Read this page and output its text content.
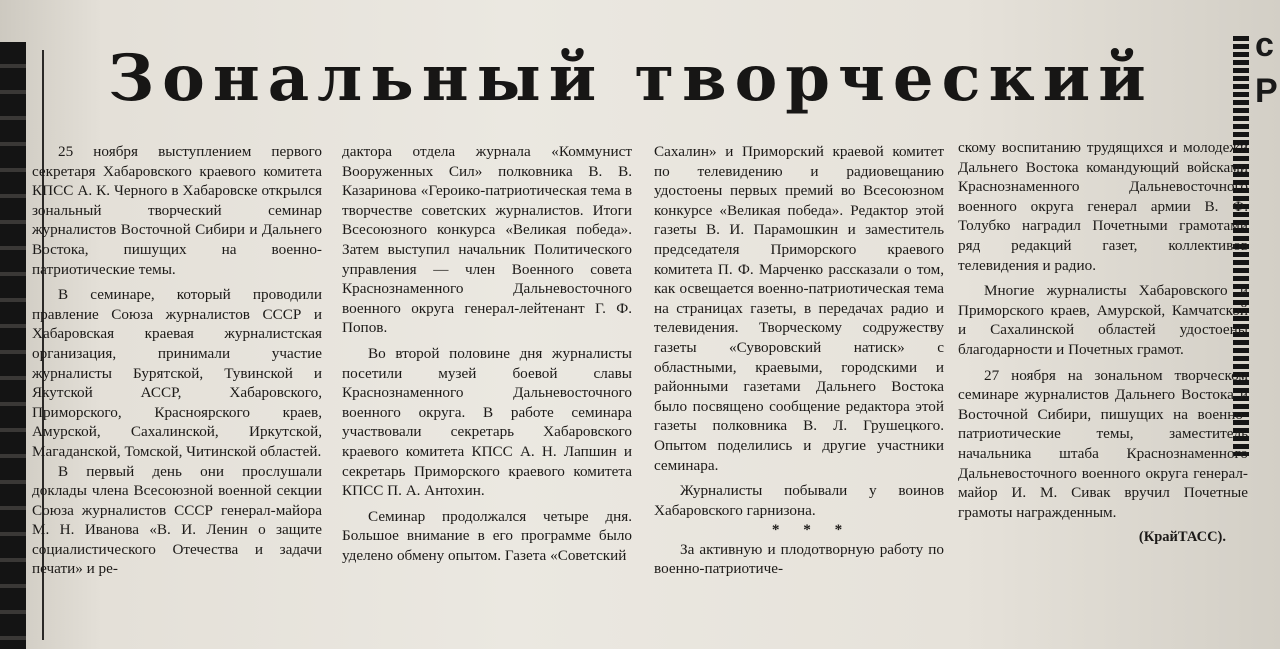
с
Р
Зональный творческий

25 ноября выступлением первого секретаря Хабаровского краевого комитета КПСС А. К. Черного в Хабаровске открылся зональный творческий семинар журналистов Восточной Сибири и Дальнего Востока, пишущих на военно-патриотические темы.

В семинаре, который проводили правление Союза журналистов СССР и Хабаровская краевая журналистская организация, принимали участие журналисты Бурятской, Тувинской и Якутской АССР, Хабаровского, Приморского, Красноярского краев, Амурской, Сахалинской, Иркутской, Магаданской, Томской, Читинской областей.

В первый день они прослушали доклады члена Всесоюзной военной секции Союза журналистов СССР генерал-майора М. Н. Иванова «В. И. Ленин о защите социалистического Отечества и задачи печати» и ре-

дактора отдела журнала «Коммунист Вооруженных Сил» полковника В. В. Казаринова «Героико-патриотическая тема в творчестве советских журналистов. Итоги Всесоюзного конкурса «Великая победа». Затем выступил начальник Политического управления — член Военного совета Краснознаменного Дальневосточного военного округа генерал-лейтенант Г. Ф. Попов.

Во второй половине дня журналисты посетили музей боевой славы Краснознаменного Дальневосточного военного округа. В работе семинара участвовали секретарь Хабаровского краевого комитета КПСС А. Н. Лапшин и секретарь Приморского краевого комитета КПСС П. А. Антохин.

Семинар продолжался четыре дня. Большое внимание в его программе было уделено обмену опытом. Газета «Советский

Сахалин» и Приморский краевой комитет по телевидению и радиовещанию удостоены первых премий во Всесоюзном конкурсе «Великая победа». Редактор этой газеты В. И. Парамошкин и заместитель председателя Приморского краевого комитета П. Ф. Марченко рассказали о том, как освещается военно-патриотическая тема на страницах газеты, в передачах радио и телевидения. Творческому содружеству газеты «Суворовский натиск» с областными, краевыми, городскими и районными газетами Дальнего Востока было посвящено сообщение редактора этой газеты полковника В. Л. Грушецкого. Опытом поделились и другие участники семинара.

Журналисты побывали у воинов Хабаровского гарнизона.

* * *

За активную и плодотворную работу по военно-патриотиче-

скому воспитанию трудящихся и молодежи Дальнего Востока командующий войсками Краснознаменного Дальневосточного военного округа генерал армии В. Ф. Толубко наградил Почетными грамотами ряд редакций газет, коллективов телевидения и радио.

Многие журналисты Хабаровского и Приморского краев, Амурской, Камчатской и Сахалинской областей удостоены благодарности и Почетных грамот.

27 ноября на зональном творческом семинаре журналистов Дальнего Востока и Восточной Сибири, пишущих на военно-патриотические темы, заместитель начальника штаба Краснознаменного Дальневосточного военного округа генерал-майор И. М. Сивак вручил Почетные грамоты награжденным.

(КрайТАСС).
